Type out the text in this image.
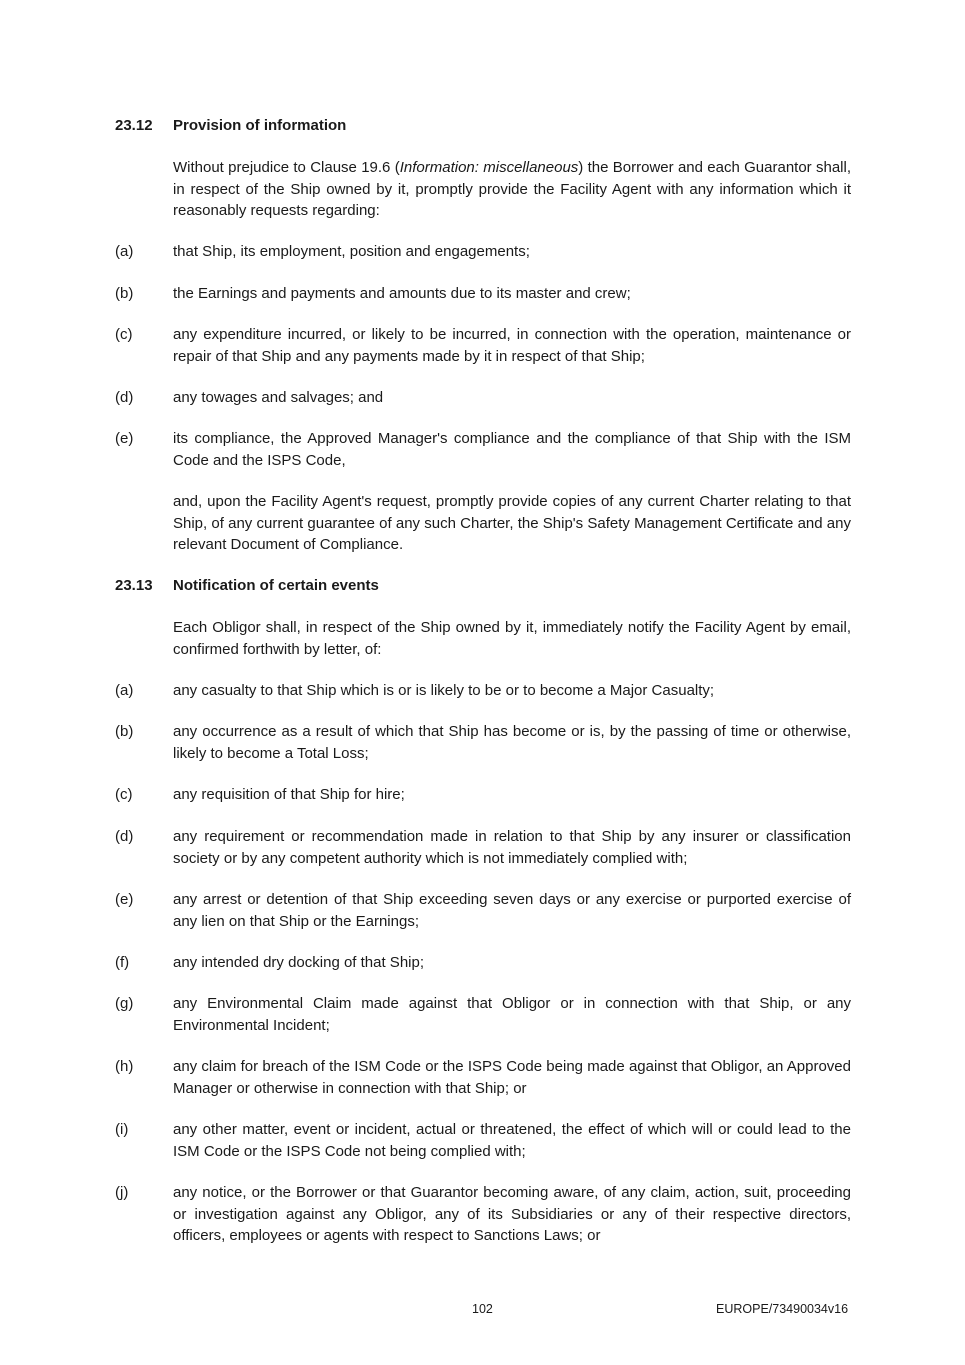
23.12 Provision of information
Without prejudice to Clause 19.6 (Information: miscellaneous) the Borrower and each Guarantor shall, in respect of the Ship owned by it, promptly provide the Facility Agent with any information which it reasonably requests regarding:
(a)	that Ship, its employment, position and engagements;
(b)	the Earnings and payments and amounts due to its master and crew;
(c)	any expenditure incurred, or likely to be incurred, in connection with the operation, maintenance or repair of that Ship and any payments made by it in respect of that Ship;
(d)	any towages and salvages; and
(e)	its compliance, the Approved Manager's compliance and the compliance of that Ship with the ISM Code and the ISPS Code,
and, upon the Facility Agent's request, promptly provide copies of any current Charter relating to that Ship, of any current guarantee of any such Charter, the Ship's Safety Management Certificate and any relevant Document of Compliance.
23.13 Notification of certain events
Each Obligor shall, in respect of the Ship owned by it, immediately notify the Facility Agent by email, confirmed forthwith by letter, of:
(a)	any casualty to that Ship which is or is likely to be or to become a Major Casualty;
(b)	any occurrence as a result of which that Ship has become or is, by the passing of time or otherwise, likely to become a Total Loss;
(c)	any requisition of that Ship for hire;
(d)	any requirement or recommendation made in relation to that Ship by any insurer or classification society or by any competent authority which is not immediately complied with;
(e)	any arrest or detention of that Ship exceeding seven days or any exercise or purported exercise of any lien on that Ship or the Earnings;
(f)	any intended dry docking of that Ship;
(g)	any Environmental Claim made against that Obligor or in connection with that Ship, or any Environmental Incident;
(h)	any claim for breach of the ISM Code or the ISPS Code being made against that Obligor, an Approved Manager or otherwise in connection with that Ship; or
(i)	any other matter, event or incident, actual or threatened, the effect of which will or could lead to the ISM Code or the ISPS Code not being complied with;
(j)	any notice, or the Borrower or that Guarantor becoming aware, of any claim, action, suit, proceeding or investigation against any Obligor, any of its Subsidiaries or any of their respective directors, officers, employees or agents with respect to Sanctions Laws; or
102	EUROPE/73490034v16
